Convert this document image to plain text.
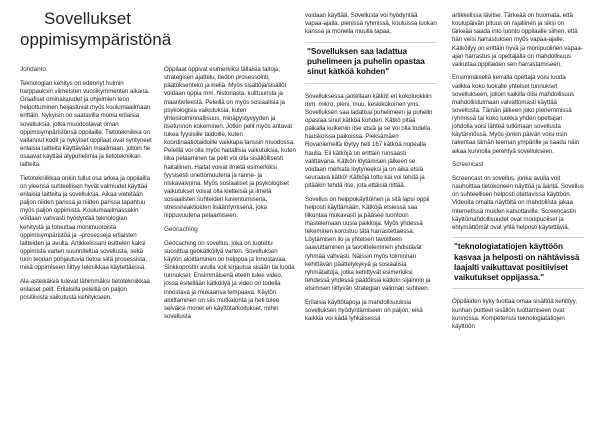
Sovellukset oppimisympäristönä

Johdanto

Teknologian kehitys on edennyt hulmin harppauksin viimeisten vuosikymmenten aikana. Graafiset ominaisuudet ja ohjelmien teon helpottuminen heijastuvat myös koulumaailmaan erittäin. Nykyisin on saatavilla monia erilaisia sovelluksia, jotka muodostavat oman oppimisympäristönsä oppilaille. Tietotekniikka on vallannut kodit ja nykyiset oppilaat ovat syntyneet erilaisia laitteita käyttävään maailmaan, jolloin he osaavat käyttää älypuhelimia ja tietotekniikan laitteita.

Tietotekniikkaa onkin tullut osa arkea ja oppilailla on yleensä suhteellisen hyvät valmiudet käyttää erilaisia laitteita ja sovelluksia. Aikaa vietetään paljon niiden parissa ja niiden parissa tapahtuu myös paljon oppimista. Koulumaailmassakin voidaan vahvasti hyödyntää teknologian kehitystä ja toteuttaa monimuotoista oppimisympäristöä ja –prosesseja erilaisten laitteiden ja avulla. Artikkelissani esittelen kaksi oppimista varten suunniteltua sovellusta, sekä tuon teorian pohjautuvia tietoa siitä prosessista, mikä oppimiseen liittyy tekniikkaa käytettäessä.

Ala-asteikäisiä tulevat lähimmäksi tietotekniikkaa erilaiset pelit. Erilaisilla peleillä on paljon positiivista vaikutusta kehitykseen.

Oppilaat oppivat esimerkiksi tällaisia taitoja; strategisen ajattelu, tiedon prosessointi, päätöksenteko ja kieliä. Myös sisältöjä/sisällöt voidaan oppia mm. historiasta, kulttuurista ja maantieteestä. Peleillä on myös sosiaalisia ja psykologisia vaikutuksia, kuten yhteistoiminnallisuus, minäpystyvyyden ja itsetunnon kokeminen. Jotkin pelit myös antavat tukea fyysisille taidoille, kuten koordinaatiotaidoille vaikkapa tanssin muodossa. Peleillä voi olla myös haitallisia vaikutuksia, kuten liika pelaaminen tai pelit voi olla sisällöllisesti haitallinen. Haitat voivat ilmetä esimerkiksi fyysisesti unettomuutena ja ranne- ja niskavaivoina. Myös sosiaaliset ja psykologiset vaikutukset voivat olla kielteisiä ja ilmetä sosiaalisten suhteiden kaventumisena, stressireaktioiden lisääntymisenä, joka riippuvuutena pelaamiseen.

Geocaching

Geocaching on sovellus, joka on tuotettu suosittua geokätköilyä varten. Sovelluksen käytön aloittaminen on helppoa ja Innostavaa. Sinkkopostin avulla voit kirjautua sisään tai luoda tunnukset. Ensimmäisenä eteen tulee video, jossa esitellään kätköilyä ja video on todella innostava ja mukaansa tempaava. Käytön aloittaminen on siis mutkatonta ja heti tulee selväksi monet eri käyttötarkoitukset, mihin sovellusta

voidaan käyttää. Sovellusta voi hyödyntää vapaa-ajalla, pienissä ryhmissä, kouluissa luokan kanssa ja monella muulla tapaa.

"Sovelluksen saa ladattua puhelimeen ja puhelin opastaa sinut kätköä kohden"

Sovelluksessa jaotellaan kätköt eri kokoluokkiin mm. mikro, pieni, muu, keskikokoinen yms. Sovelluksen saa ladattua puhelimeen ja puhelin opastaa sinut kätköä kohden. Kätkö pitää paikalla kulkeniin itse etsiä ja se voi olla todella hauskoissa paikoissa. Pieksämäen Rovaniemeltä löytyy heti 167 kätköä nopealla haulla. Eli kätköjä on erittäin runsaasti valittavana. Kätkön löytämisen jälkeen se voidaan merkata löytyneeksi ja on aika etsiä seuraava kätkö! Kätköjä tottu kai voi tehdä ja pitääkin tehdä itse, jota ettäisiä riittää.

Sovellus on helppokäyttöinen ja sitä lapsi oppii helposti käyttämään. Kätköjä etsiessä saa liikuntaa mukavasti ja pääsee luontoon ihastelemaan uusia paikkoja. Myös yhdessä tekeminen korostuu tätä harrastettaessa. Löytämisen ilo ja yhteisen tavoitteen saavuttaminen ja tavoitteleminen yhdistävät ryhmää vahvasti. Näissin myös toiminnan kehittävän päättelykykyä ja sosiaalisia ryhmätaitoja, jotka kehittyvät esimerkiksi tehdessä yhdessä päätöksiä kätkön sijainnin ja etsimisen liittyvän strategian valinnan suhteen.

Erilaisia käyttötapoja ja mahdollisuuksia sovelluksen hyödyntämiseen on paljon, eikä kaikkia voi kädä lyhkäisessä

artikkelissa lävitse. Tärkeää on huomata, että koulupäivän pituus on rajallinen ja siksi on tärkeää saada into luonto oppilaalle siihen, että hän veisi harrastuksen myös vapaa-ajalle. Kätköilyy on erittäin hyvä ja monipuolinen vapaa-ajan harrastus ja opettajalla on mahdollisuus vaikuttaa oppilaiden sen harrastamiseen.

Ensimmäisellä kerralla opettaja voisi luoda valikka koko luokalle yhteiset tunnukset sovellukseen, jolloin kaikilla olisi mahdollisuus mahdollistuimaan valvattomasti käyttää sovellusta. Tämän jälkeen joko pienemmissä ryhmissä tai koko luokka yhden opettajan johdolla voisi lähteä tutkimaan sovellusta käytännössä. Myös jonkin päivän voisi osin rakentaa tämän teeman ympärille ja saada näin aikaa kunnolla perehtyä sovellukseen.

Screencast

Screencast on sovellus, jonka avulla voit nauhoittaa tietokoneen näyttöä ja ääntä. Sovellus on suhteellisen helposti otettavissa käyttöön. Videoita omalta näytöltä on mahdollista jakaa Internetissä muiden katsottaville. Screencastin käyttömahdollisuudet ovat monipuoliset ja ehtymättömät ovat yhtä helposti käytettäviä.

"teknologiatatiojen käyttöön kasvaa ja helposti on nähtävissä laajalti vaikuttavat positiiviset vaikutukset oppijassa."

Oppilaiden kyky tuottaa omaa sisältöä kehittyy, kunhan puitteet sisällön tuottamiseen ovat kunnossa. Kompetenssi teknologiatatiojen käyttöön
